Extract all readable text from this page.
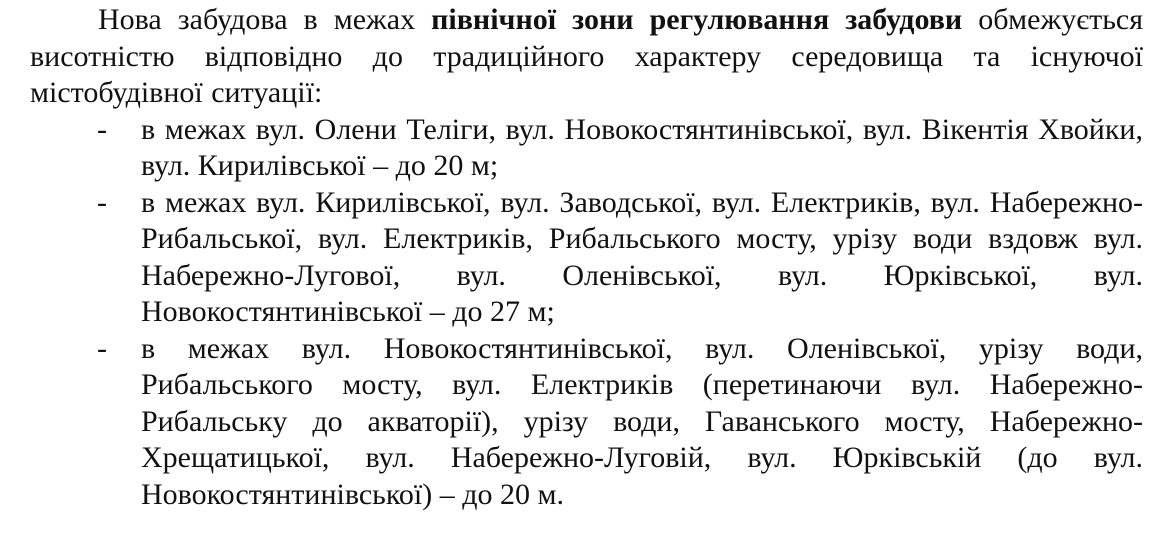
Нова забудова в межах північної зони регулювання забудови обмежується висотністю відповідно до традиційного характеру середовища та існуючої містобудівної ситуації:

- в межах вул. Олени Теліги, вул. Новокостянтинівської, вул. Вікентія Хвойки, вул. Кирилівської – до 20 м;
- в межах вул. Кирилівської, вул. Заводської, вул. Електриків, вул. Набережно-Рибальської, вул. Електриків, Рибальського мосту, урізу води вздовж вул. Набережно-Лугової, вул. Оленівської, вул. Юрківської, вул. Новокостянтинівської – до 27 м;
- в межах вул. Новокостянтинівської, вул. Оленівської, урізу води, Рибальського мосту, вул. Електриків (перетинаючи вул. Набережно-Рибальську до акваторії), урізу води, Гаванського мосту, Набережно-Хрещатицької, вул. Набережно-Луговій, вул. Юрківській (до вул. Новокостянтинівської) – до 20 м.
